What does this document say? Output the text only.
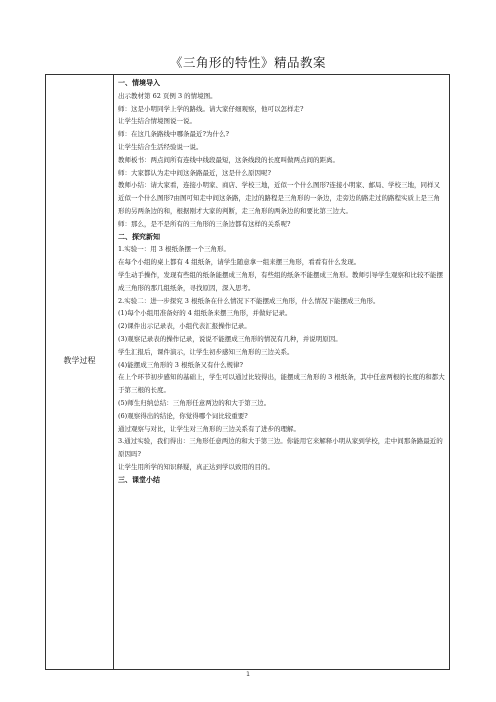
《三角形的特性》精品教案
教学过程
一、情境导入
出示教材第 62 页例 3 的情境图。
师：这是小明同学上学的路线。请大家仔细观察，他可以怎样走?
让学生结合情境图说一说。
师：在这几条路线中哪条最近?为什么?
让学生结合生活经验说一说。
教师板书：两点间所有连线中线段最短，这条线段的长度叫做两点间的距离。
师：大家都认为走中间这条路最近，这是什么原因呢?
教师小结：请大家看，连接小明家、商店、学校三地，近似一个什么图形?连接小明家、邮局、学校三地，同样又近似一个什么图形?由图可知走中间这条路，走过的路程是三角形的一条边，走旁边的路走过的路程实质上是三角形的另两条边的和，根据刚才大家的判断，走三角形的两条边的和要比第三边大。
师：那么，是不是所有的三角形的三条边都有这样的关系呢?
二、探究新知
1.实验一：用 3 根纸条摆一个三角形。
在每个小组的桌上都有 4 组纸条，请学生随意拿一组来摆三角形，看看有什么发现。
学生动手操作，发现有些组的纸条能摆成三角形，有些组的纸条不能摆成三角形。教师引导学生观察和比较不能摆成三角形的那几组纸条，寻找原因，深入思考。
2.实验二：进一步探究 3 根纸条在什么情况下不能摆成三角形，什么情况下能摆成三角形。
(1)每个小组用准备好的 4 组纸条来摆三角形，并做好记录。
(2)课件出示记录表，小组代表汇报操作记录。
(3)观察记录表的操作记录，说说不能摆成三角形的情况有几种，并说明原因。
学生汇报后，课件演示，让学生初步感知三角形的三边关系。
(4)能摆成三角形的 3 根纸条又有什么规律?
在上个环节初步感知的基础上，学生可以通过比较得出，能摆成三角形的 3 根纸条，其中任意两根的长度的和都大于第三根的长度。
(5)师生归纳总结：三角形任意两边的和大于第三边。
(6)观察得出的结论，你觉得哪个词比较重要?
通过观察与对比，让学生对三角形的三边关系有了进步的理解。
3.通过实验，我们得出：三角形任意两边的和大于第三边。你能用它来解释小明从家到学校，走中间那条路最近的原因吗?
让学生用所学的知识释疑，真正达到学以致用的目的。
三、课堂小结
1
